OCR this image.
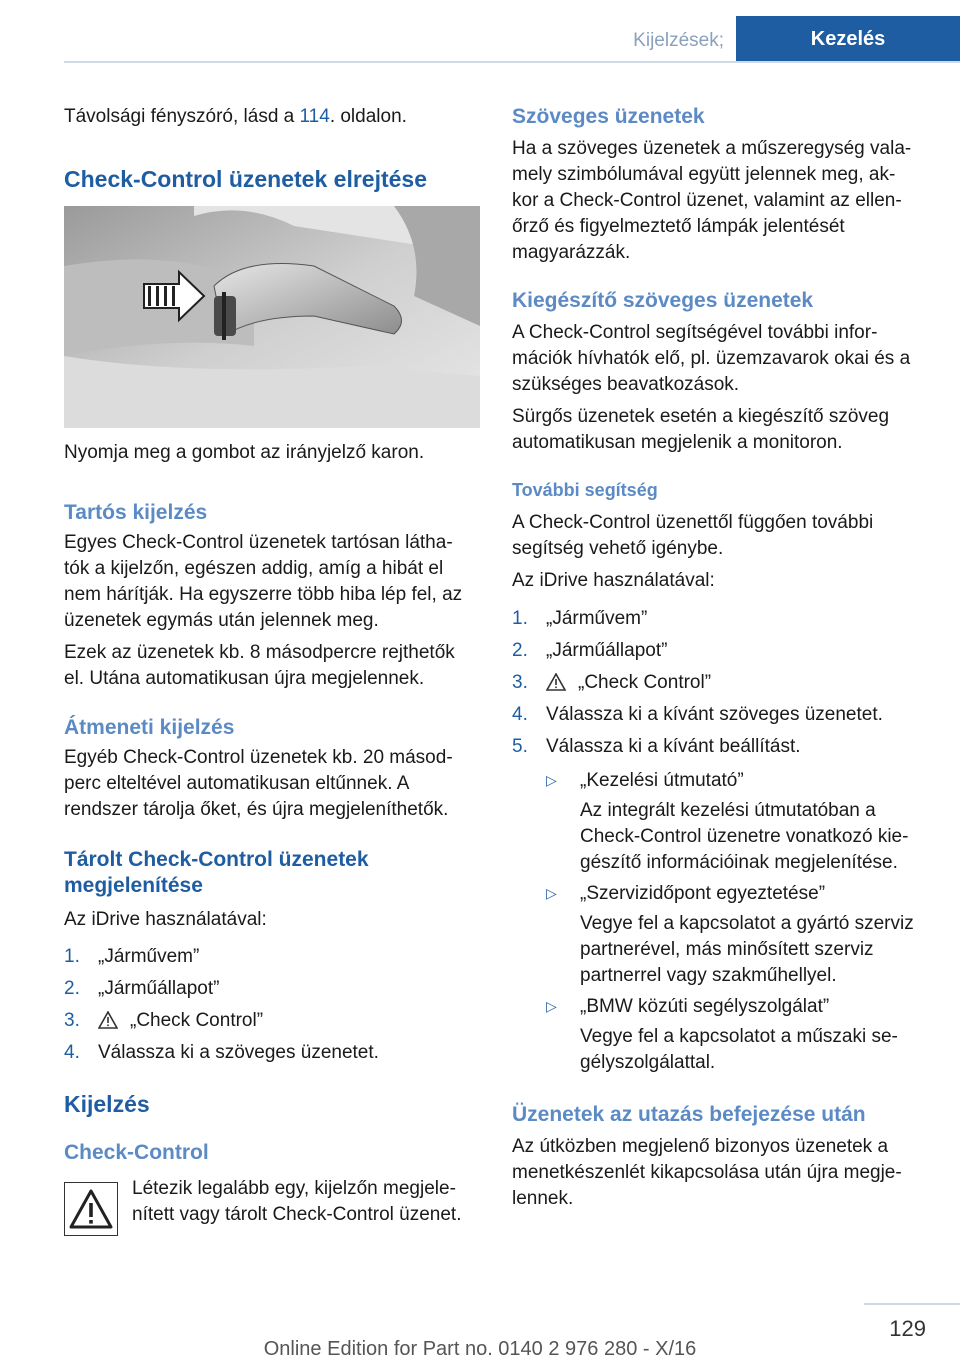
Kijelzések;	Kezelés

Távolsági fényszóró, lásd a 114. oldalon.

Check-Control üzenetek elrejtése

Nyomja meg a gombot az irányjelző karon.

Tartós kijelzés

Egyes Check-Control üzenetek tartósan látha‐

tók a kijelzőn, egészen addig, amíg a hibát el

nem hárítják. Ha egyszerre több hiba lép fel, az

üzenetek egymás után jelennek meg.

Ezek az üzenetek kb. 8 másodpercre rejthetők

el. Utána automatikusan újra megjelennek.

Átmeneti kijelzés

Egyéb Check-Control üzenetek kb. 20 másod‐

perc elteltével automatikusan eltűnnek. A

rendszer tárolja őket, és újra megjeleníthetők.

Tárolt Check-Control üzenetek
megjelenítése

Az iDrive használatával:

1. „Járművem”
2. „Járműállapot”
3.	„Check Control”
4. Válassza ki a szöveges üzenetet.
Kijelzés
Check-Control

Létezik legalább egy, kijelzőn megjele‐

nített vagy tárolt Check-Control üzenet.

Szöveges üzenetek

Ha a szöveges üzenetek a műszeregység vala‐

mely szimbólumával együtt jelennek meg, ak‐

kor a Check-Control üzenet, valamint az ellen‐

őrző és figyelmeztető lámpák jelentését

magyarázzák.

Kiegészítő szöveges üzenetek

A Check-Control segítségével további infor‐

mációk hívhatók elő, pl. üzemzavarok okai és a

szükséges beavatkozások.

Sürgős üzenetek esetén a kiegészítő szöveg

automatikusan megjelenik a monitoron.

További segítség

A Check-Control üzenettől függően további

segítség vehető igénybe.

Az iDrive használatával:

1. „Járművem”
2. „Járműállapot”
3.	„Check Control”
4. Válassza ki a kívánt szöveges üzenetet.
5. Válassza ki a kívánt beállítást.
▷ „Kezelési útmutató”

Az integrált kezelési útmutatóban a

Check-Control üzenetre vonatkozó kie‐

gészítő információinak megjelenítése.

▷ „Szervizidőpont egyeztetése”

Vegye fel a kapcsolatot a gyártó szerviz

partnerével, más minősített szerviz

partnerrel vagy szakműhellyel.

▷ „BMW közúti segélyszolgálat”

Vegye fel a kapcsolatot a műszaki se‐

gélyszolgálattal.

Üzenetek az utazás befejezése után

Az útközben megjelenő bizonyos üzenetek a

menetkészenlét kikapcsolása után újra megje‐

lennek.

129
Online Edition for Part no. 0140 2 976 280 - X/16
